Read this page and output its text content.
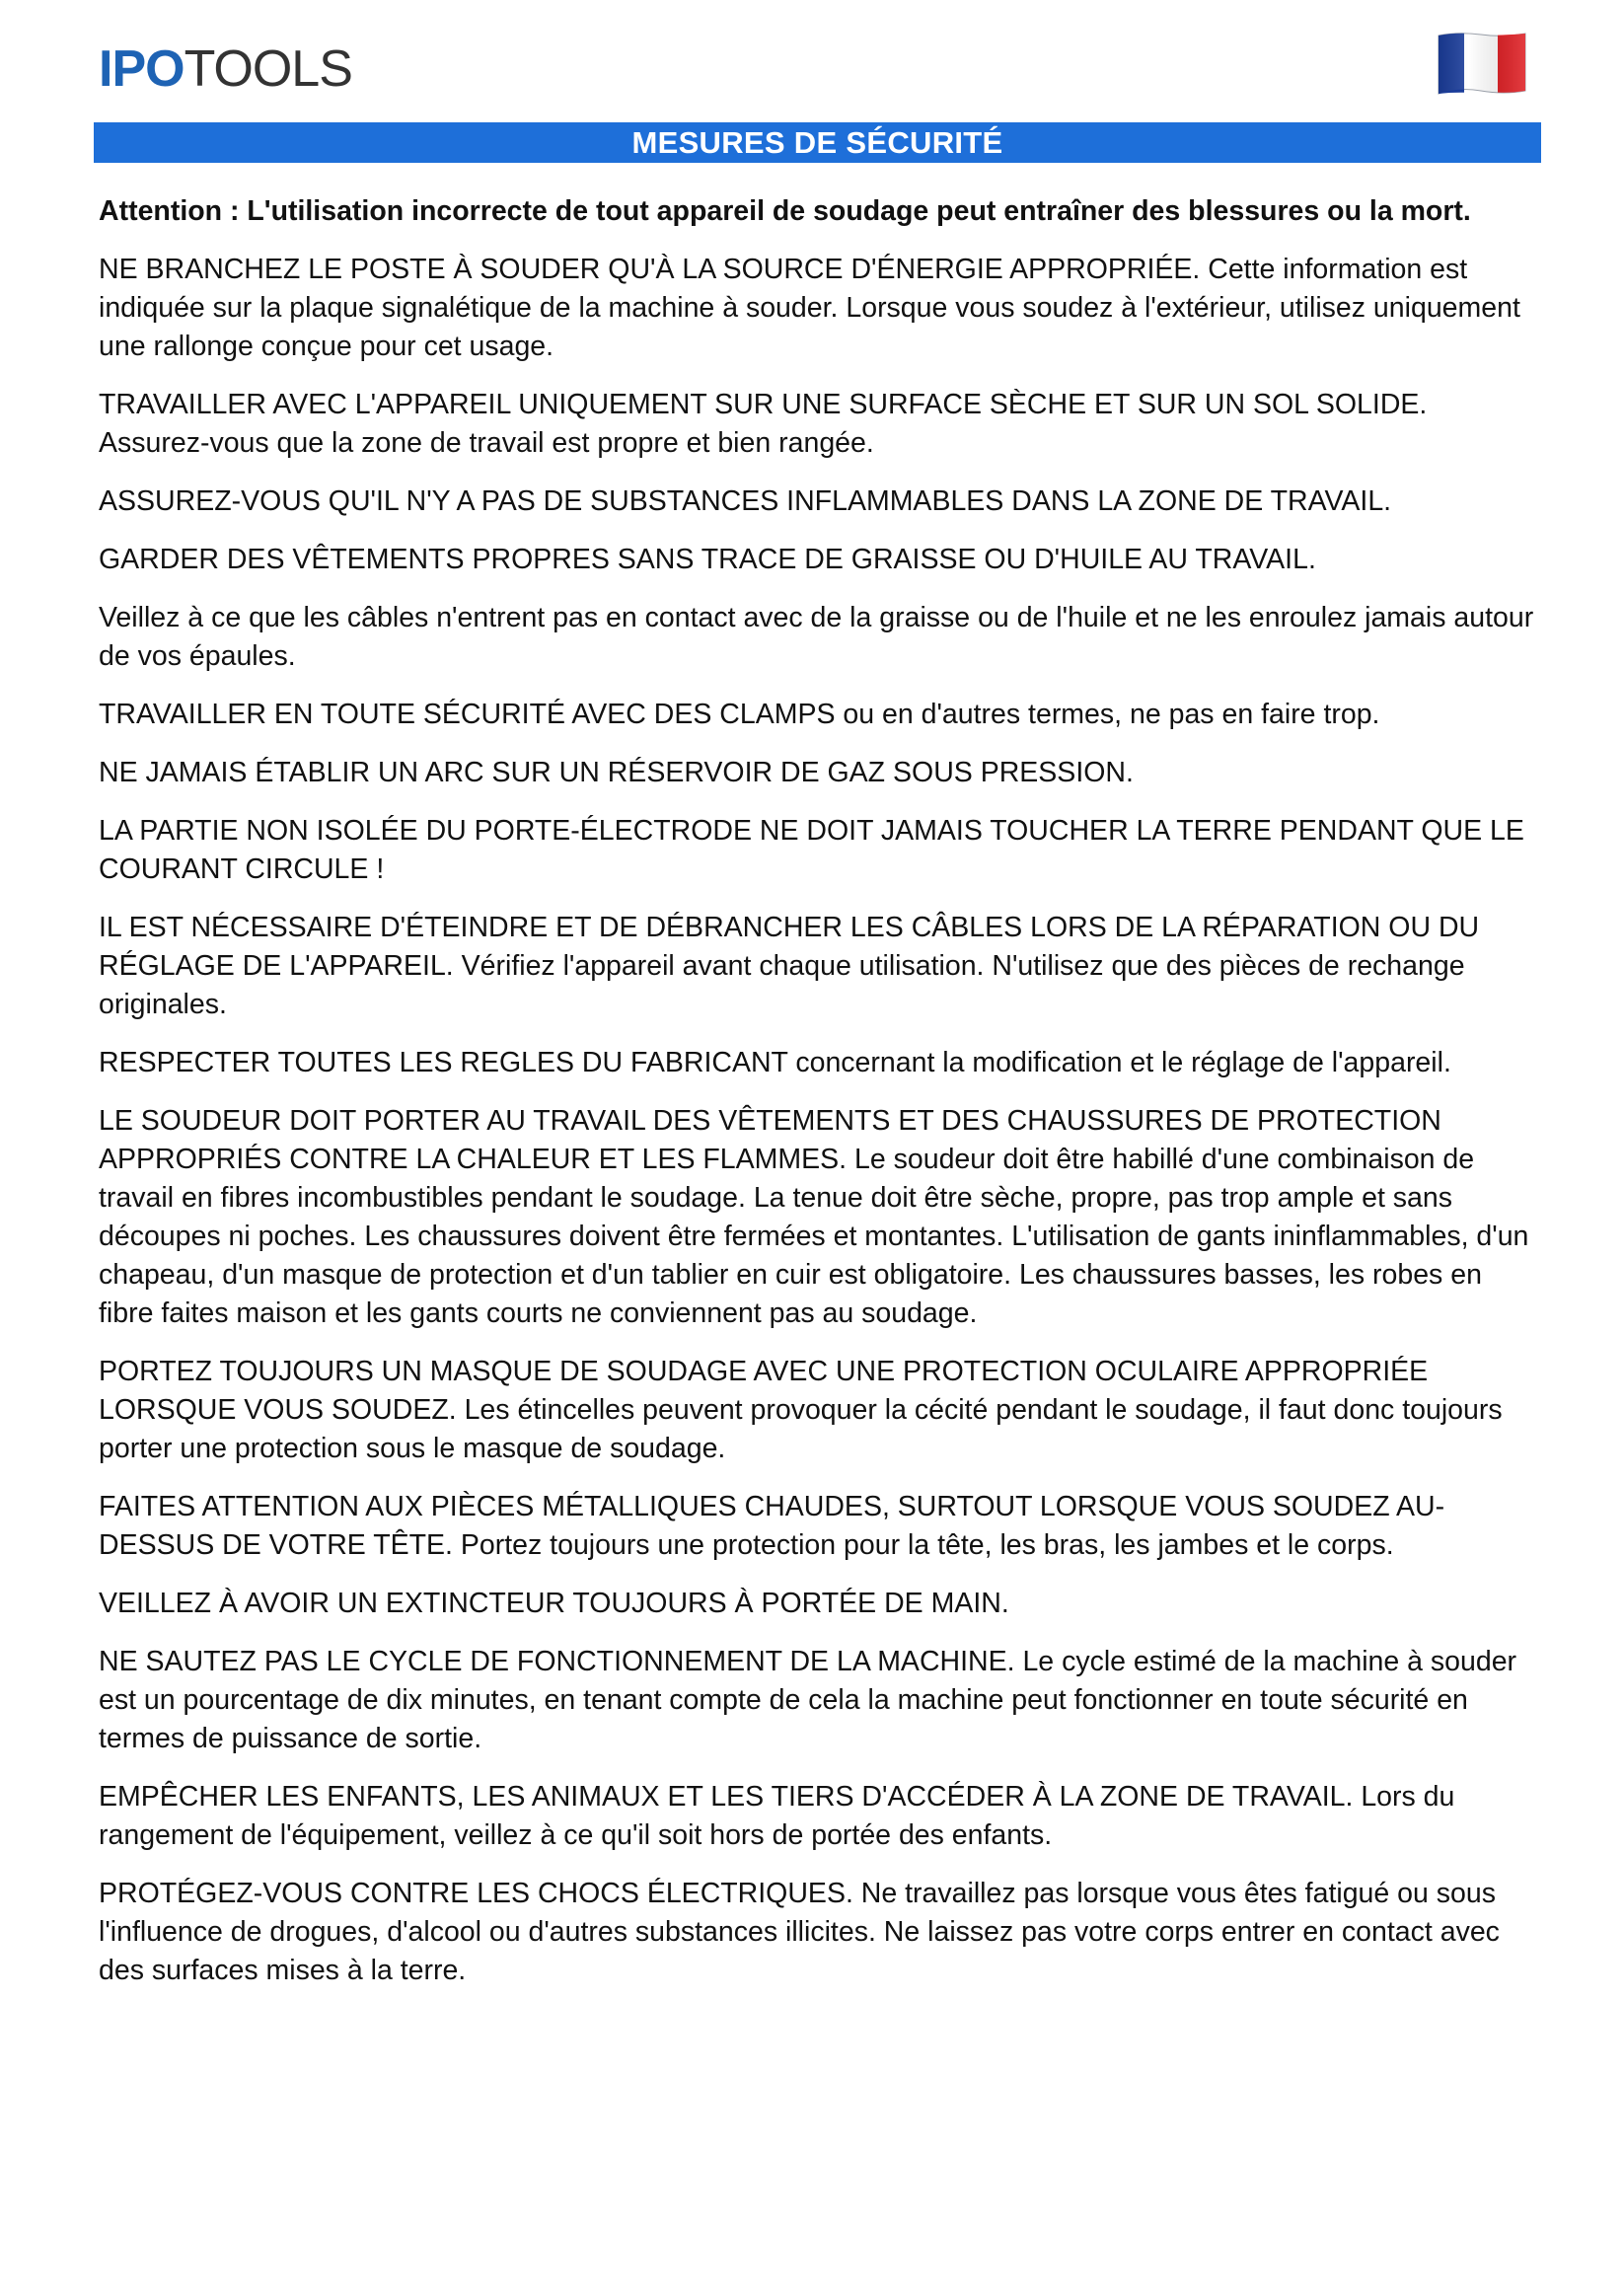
IPO TOOLS
MESURES DE SÉCURITÉ

Attention : L'utilisation incorrecte de tout appareil de soudage peut entraîner des blessures ou la mort.

NE BRANCHEZ LE POSTE À SOUDER QU'À LA SOURCE D'ÉNERGIE APPROPRIÉE. Cette information est indiquée sur la plaque signalétique de la machine à souder. Lorsque vous soudez à l'extérieur, utilisez uniquement une rallonge conçue pour cet usage.

TRAVAILLER AVEC L'APPAREIL UNIQUEMENT SUR UNE SURFACE SÈCHE ET SUR UN SOL SOLIDE. Assurez-vous que la zone de travail est propre et bien rangée.

ASSUREZ-VOUS QU'IL N'Y A PAS DE SUBSTANCES INFLAMMABLES DANS LA ZONE DE TRAVAIL.

GARDER DES VÊTEMENTS PROPRES SANS TRACE DE GRAISSE OU D'HUILE AU TRAVAIL.

Veillez à ce que les câbles n'entrent pas en contact avec de la graisse ou de l'huile et ne les enroulez jamais autour de vos épaules.

TRAVAILLER EN TOUTE SÉCURITÉ AVEC DES CLAMPS ou en d'autres termes, ne pas en faire trop.

NE JAMAIS ÉTABLIR UN ARC SUR UN RÉSERVOIR DE GAZ SOUS PRESSION.

LA PARTIE NON ISOLÉE DU PORTE-ÉLECTRODE NE DOIT JAMAIS TOUCHER LA TERRE PENDANT QUE LE COURANT CIRCULE !

IL EST NÉCESSAIRE D'ÉTEINDRE ET DE DÉBRANCHER LES CÂBLES LORS DE LA RÉPARATION OU DU RÉGLAGE DE L'APPAREIL. Vérifiez l'appareil avant chaque utilisation. N'utilisez que des pièces de rechange originales.

RESPECTER TOUTES LES REGLES DU FABRICANT concernant la modification et le réglage de l'appareil.

LE SOUDEUR DOIT PORTER AU TRAVAIL DES VÊTEMENTS ET DES CHAUSSURES DE PROTECTION APPROPRIÉS CONTRE LA CHALEUR ET LES FLAMMES. Le soudeur doit être habillé d'une combinaison de travail en fibres incombustibles pendant le soudage. La tenue doit être sèche, propre, pas trop ample et sans découpes ni poches. Les chaussures doivent être fermées et montantes. L'utilisation de gants ininflammables, d'un chapeau, d'un masque de protection et d'un tablier en cuir est obligatoire. Les chaussures basses, les robes en fibre faites maison et les gants courts ne conviennent pas au soudage.

PORTEZ TOUJOURS UN MASQUE DE SOUDAGE AVEC UNE PROTECTION OCULAIRE APPROPRIÉE LORSQUE VOUS SOUDEZ. Les étincelles peuvent provoquer la cécité pendant le soudage, il faut donc toujours porter une protection sous le masque de soudage.

FAITES ATTENTION AUX PIÈCES MÉTALLIQUES CHAUDES, SURTOUT LORSQUE VOUS SOUDEZ AU-DESSUS DE VOTRE TÊTE. Portez toujours une protection pour la tête, les bras, les jambes et le corps.

VEILLEZ À AVOIR UN EXTINCTEUR TOUJOURS À PORTÉE DE MAIN.

NE SAUTEZ PAS LE CYCLE DE FONCTIONNEMENT DE LA MACHINE. Le cycle estimé de la machine à souder est un pourcentage de dix minutes, en tenant compte de cela la machine peut fonctionner en toute sécurité en termes de puissance de sortie.

EMPÊCHER LES ENFANTS, LES ANIMAUX ET LES TIERS D'ACCÉDER À LA ZONE DE TRAVAIL. Lors du rangement de l'équipement, veillez à ce qu'il soit hors de portée des enfants.

PROTÉGEZ-VOUS CONTRE LES CHOCS ÉLECTRIQUES. Ne travaillez pas lorsque vous êtes fatigué ou sous l'influence de drogues, d'alcool ou d'autres substances illicites. Ne laissez pas votre corps entrer en contact avec des surfaces mises à la terre.
